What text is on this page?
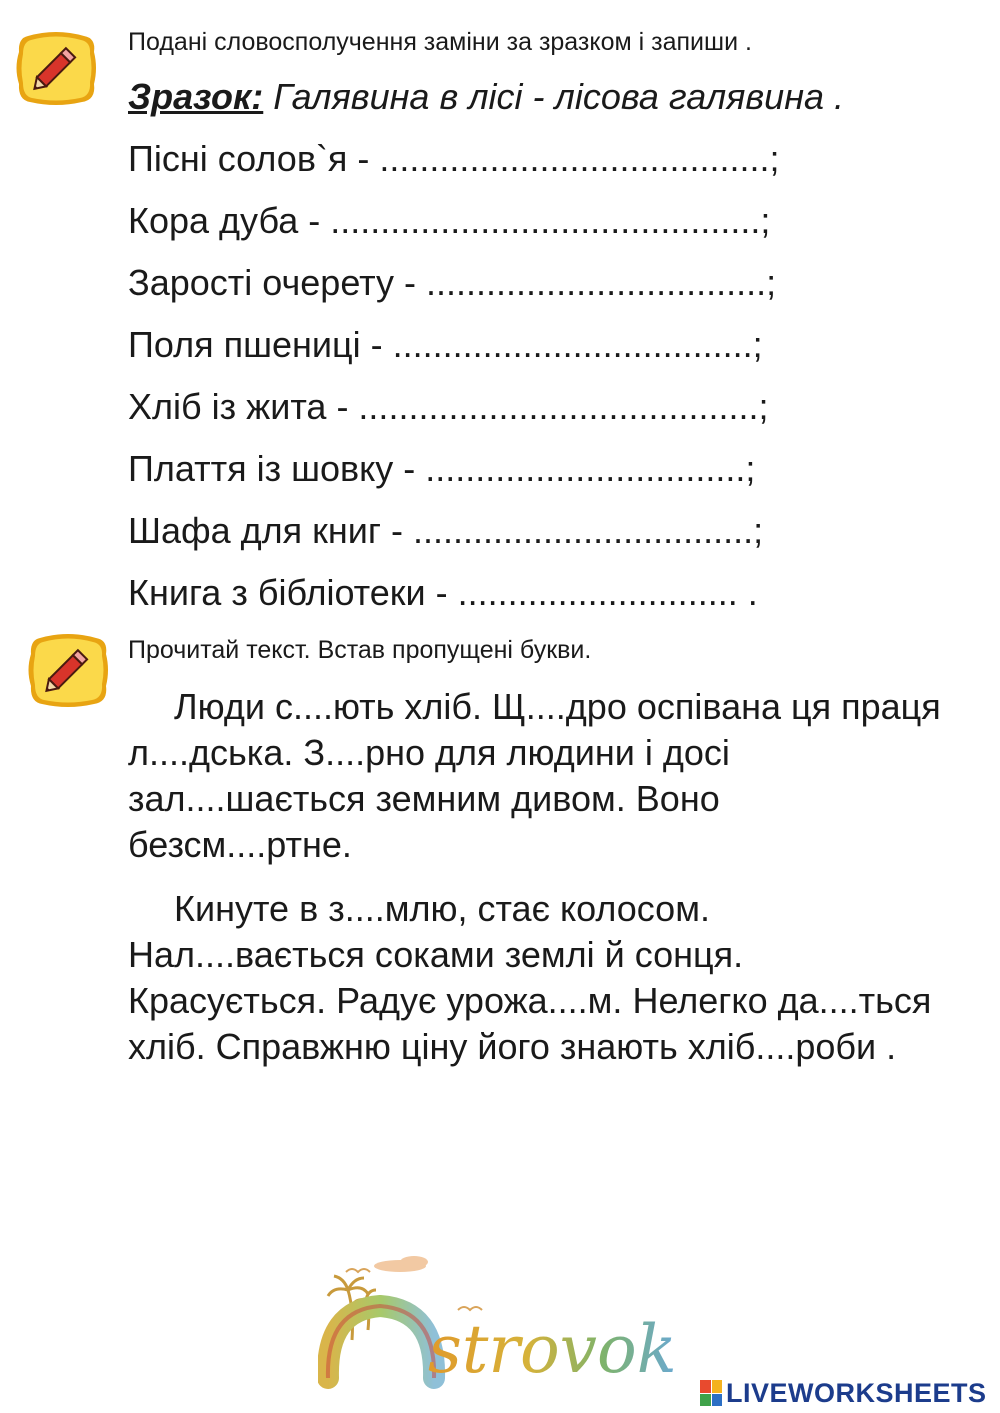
Подані словосполучення заміни за зразком і запиши .
Зразок: Галявина в лісі - лісова галявина .
Пісні солов`я - .......................................;
Кора дуба - ...........................................;
Зарості очерету - ..................................;
Поля пшениці - ....................................;
Хліб із жита - ........................................;
Плаття із шовку - ................................;
Шафа для книг - ..................................;
Книга з бібліотеки - ............................ .
Прочитай текст. Встав пропущені букви.
Люди с....ють хліб. Щ....дро оспівана ця праця л....дська. З....рно для людини і досі зал....шається земним дивом. Воно безсм....ртне.
Кинуте в з....млю, стає колосом. Нал....вається соками землі й сонця. Красується. Радує урожа....м. Нелегко да....ться хліб. Справжню ціну його знають хліб....роби .
strovok
LIVEWORKSHEETS
